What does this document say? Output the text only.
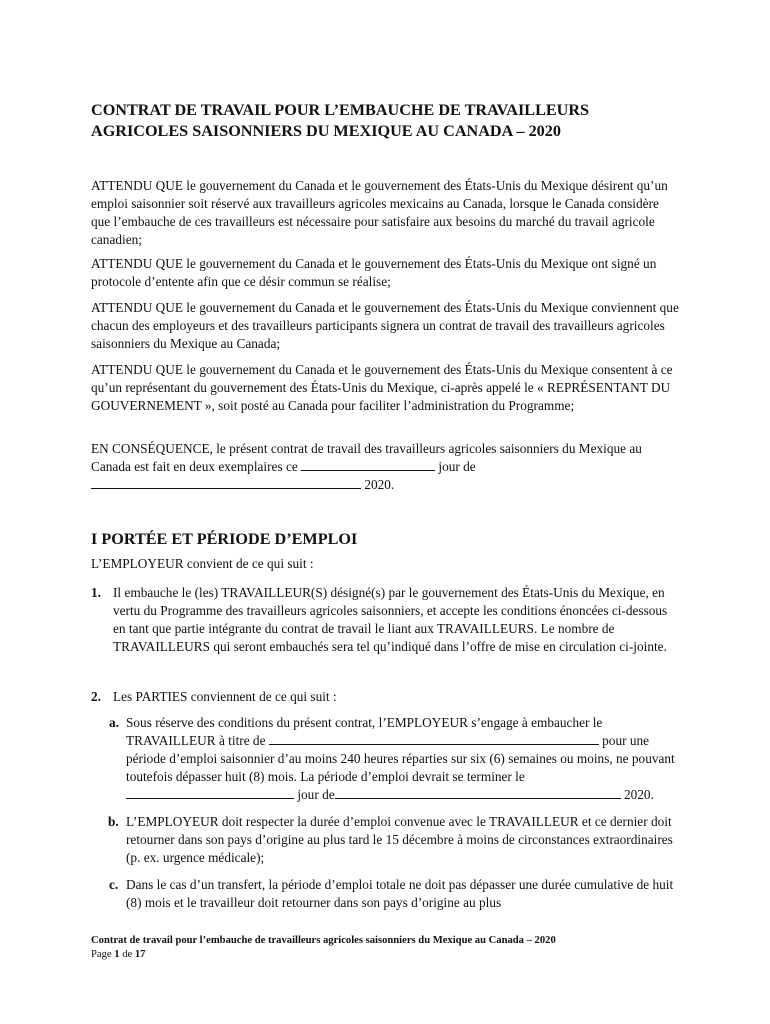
CONTRAT DE TRAVAIL POUR L’EMBAUCHE DE TRAVAILLEURS
AGRICOLES SAISONNIERS DU MEXIQUE AU CANADA – 2020

ATTENDU QUE le gouvernement du Canada et le gouvernement des États-Unis du Mexique désirent qu’un emploi saisonnier soit réservé aux travailleurs agricoles mexicains au Canada, lorsque le Canada considère que l’embauche de ces travailleurs est nécessaire pour satisfaire aux besoins du marché du travail agricole canadien;

ATTENDU QUE le gouvernement du Canada et le gouvernement des États-Unis du Mexique ont signé un protocole d’entente afin que ce désir commun se réalise;

ATTENDU QUE le gouvernement du Canada et le gouvernement des États-Unis du Mexique conviennent que chacun des employeurs et des travailleurs participants signera un contrat de travail des travailleurs agricoles saisonniers du Mexique au Canada;

ATTENDU QUE le gouvernement du Canada et le gouvernement des États-Unis du Mexique consentent à ce qu’un représentant du gouvernement des États-Unis du Mexique, ci-après appelé le « REPRÉSENTANT DU GOUVERNEMENT », soit posté au Canada pour faciliter l’administration du Programme;

EN CONSÉQUENCE, le présent contrat de travail des travailleurs agricoles saisonniers du Mexique au Canada est fait en deux exemplaires ce	jour de
2020.

I PORTÉE ET PÉRIODE D’EMPLOI

L’EMPLOYEUR convient de ce qui suit :

1. Il embauche le (les) TRAVAILLEUR(S) désigné(s) par le gouvernement des États-Unis du Mexique, en vertu du Programme des travailleurs agricoles saisonniers, et accepte les conditions énoncées ci-dessous en tant que partie intégrante du contrat de travail le liant aux TRAVAILLEURS. Le nombre de TRAVAILLEURS qui seront embauchés sera tel qu’indiqué dans l’offre de mise en circulation ci-jointe.

2. Les PARTIES conviennent de ce qui suit :

a. Sous réserve des conditions du présent contrat, l’EMPLOYEUR s’engage à embaucher le TRAVAILLEUR à titre de	pour une période d’emploi saisonnier d’au moins 240 heures réparties sur six (6) semaines ou moins, ne pouvant toutefois dépasser huit (8) mois. La période d’emploi devrait se terminer le  jour de	2020.

b. L’EMPLOYEUR doit respecter la durée d’emploi convenue avec le TRAVAILLEUR et ce dernier doit retourner dans son pays d’origine au plus tard le 15 décembre à moins de circonstances extraordinaires (p. ex. urgence médicale);

c. Dans le cas d’un transfert, la période d’emploi totale ne doit pas dépasser une durée cumulative de huit (8) mois et le travailleur doit retourner dans son pays d’origine au plus

Contrat de travail pour l’embauche de travailleurs agricoles saisonniers du Mexique au Canada – 2020
Page 1 de 17
